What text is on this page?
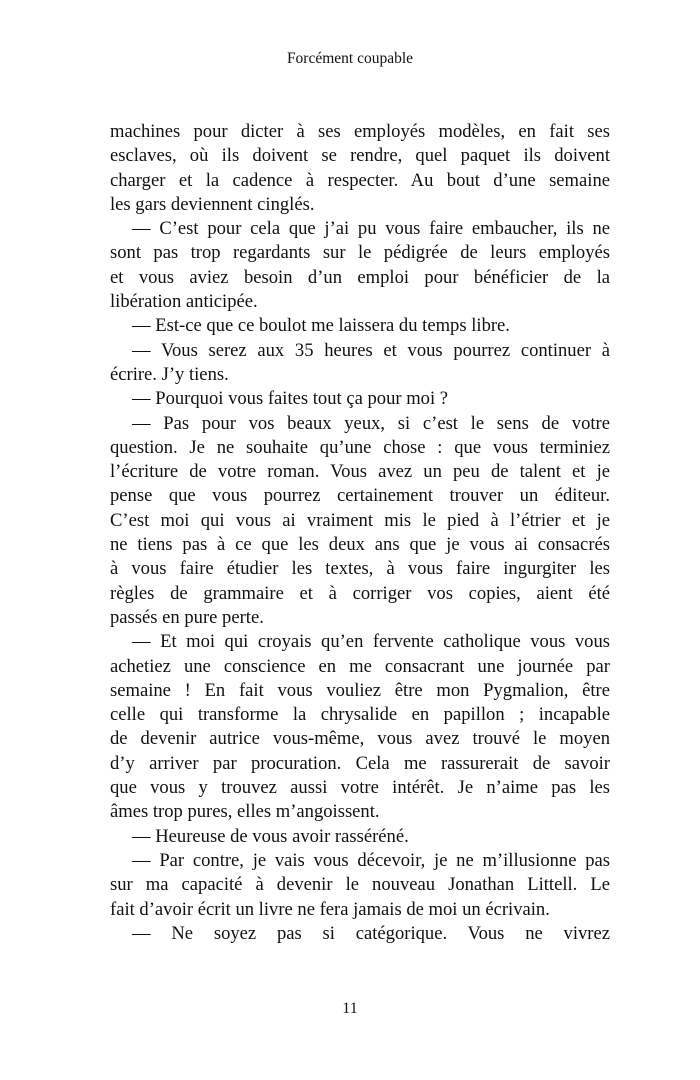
Forcément coupable
machines pour dicter à ses employés modèles, en fait ses
esclaves, où ils doivent se rendre, quel paquet ils doivent
charger et la cadence à respecter. Au bout d’une semaine
les gars deviennent cinglés.
— C’est pour cela que j’ai pu vous faire embaucher, ils ne
sont pas trop regardants sur le pédigrée de leurs employés
et vous aviez besoin d’un emploi pour bénéficier de la
libération anticipée.
— Est-ce que ce boulot me laissera du temps libre.
— Vous serez aux 35 heures et vous pourrez continuer à
écrire. J’y tiens.
— Pourquoi vous faites tout ça pour moi ?
— Pas pour vos beaux yeux, si c’est le sens de votre
question. Je ne souhaite qu’une chose : que vous terminiez
l’écriture de votre roman. Vous avez un peu de talent et je
pense que vous pourrez certainement trouver un éditeur.
C’est moi qui vous ai vraiment mis le pied à l’étrier et je
ne tiens pas à ce que les deux ans que je vous ai consacrés
à vous faire étudier les textes, à vous faire ingurgiter les
règles de grammaire et à corriger vos copies, aient été
passés en pure perte.
— Et moi qui croyais qu’en fervente catholique vous vous
achetiez une conscience en me consacrant une journée par
semaine ! En fait vous vouliez être mon Pygmalion, être
celle qui transforme la chrysalide en papillon ; incapable
de devenir autrice vous-même, vous avez trouvé le moyen
d’y arriver par procuration. Cela me rassurerait de savoir
que vous y trouvez aussi votre intérêt. Je n’aime pas les
âmes trop pures, elles m’angoissent.
— Heureuse de vous avoir rasséréné.
— Par contre, je vais vous décevoir, je ne m’illusionne pas
sur ma capacité à devenir le nouveau Jonathan Littell. Le
fait d’avoir écrit un livre ne fera jamais de moi un écrivain.
— Ne soyez pas si catégorique. Vous ne vivrez
11
